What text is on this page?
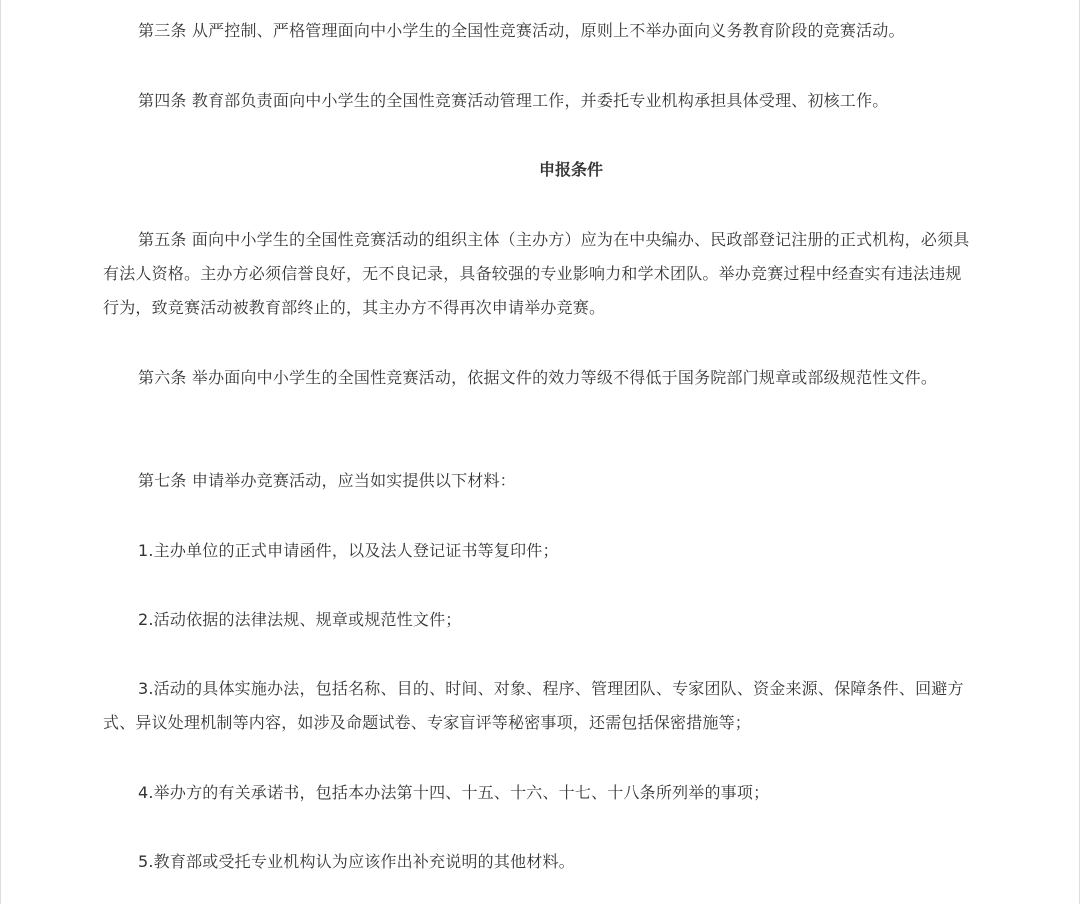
第三条 从严控制、严格管理面向中小学生的全国性竞赛活动，原则上不举办面向义务教育阶段的竞赛活动。

第四条 教育部负责面向中小学生的全国性竞赛活动管理工作，并委托专业机构承担具体受理、初核工作。

申报条件

第五条 面向中小学生的全国性竞赛活动的组织主体（主办方）应为在中央编办、民政部登记注册的正式机构，必须具有法人资格。主办方必须信誉良好，无不良记录，具备较强的专业影响力和学术团队。举办竞赛过程中经查实有违法违规行为，致竞赛活动被教育部终止的，其主办方不得再次申请举办竞赛。

第六条 举办面向中小学生的全国性竞赛活动，依据文件的效力等级不得低于国务院部门规章或部级规范性文件。

第七条 申请举办竞赛活动，应当如实提供以下材料：

1.主办单位的正式申请函件，以及法人登记证书等复印件；

2.活动依据的法律法规、规章或规范性文件；

3.活动的具体实施办法，包括名称、目的、时间、对象、程序、管理团队、专家团队、资金来源、保障条件、回避方式、异议处理机制等内容，如涉及命题试卷、专家盲评等秘密事项，还需包括保密措施等；

4.举办方的有关承诺书，包括本办法第十四、十五、十六、十七、十八条所列举的事项；

5.教育部或受托专业机构认为应该作出补充说明的其他材料。
